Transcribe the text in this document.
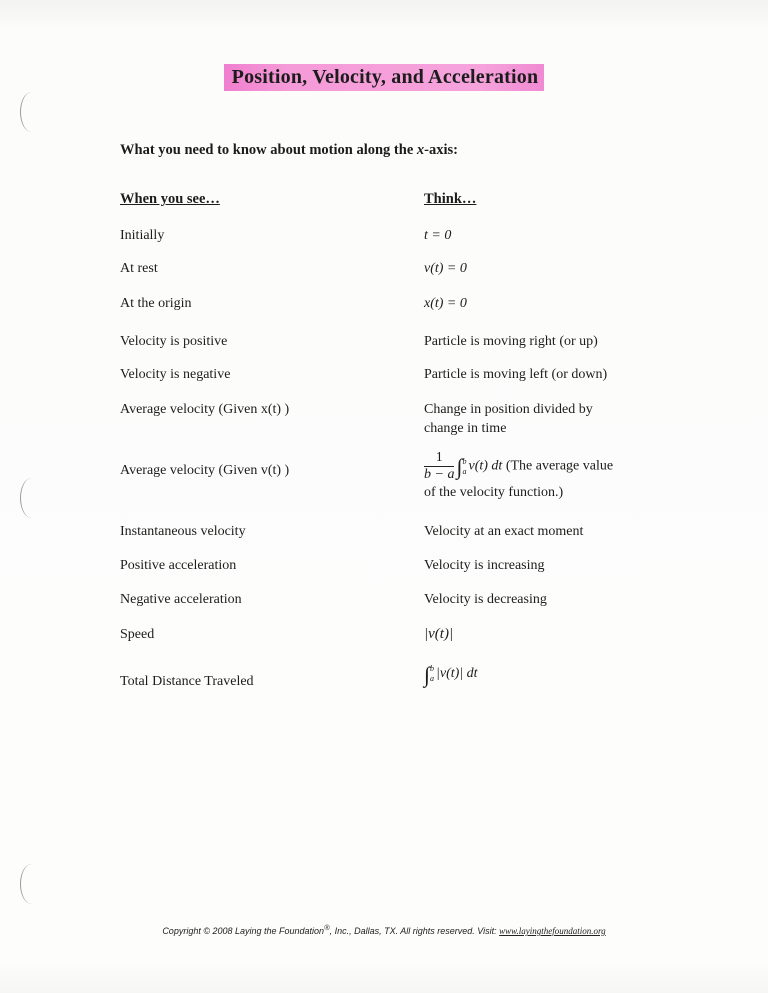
Position, Velocity, and Acceleration
What you need to know about motion along the x-axis:
When you see…	Think…
Initially	t = 0
At rest	v(t) = 0
At the origin	x(t) = 0
Velocity is positive	Particle is moving right (or up)
Velocity is negative	Particle is moving left (or down)
Average velocity (Given x(t) )	Change in position divided by
change in time
Average velocity (Given v(t) )	$\frac{1}{b - a} \int b$
a v(t) dt (The average value
of the velocity function.)
Instantaneous velocity	Velocity at an exact moment
Positive acceleration	Velocity is increasing
Negative acceleration	Velocity is decreasing
Speed	|v(t)|
Total Distance Traveled	∫b
a |v(t)| dt
Copyright © 2008 Laying the Foundation®, Inc., Dallas, TX. All rights reserved. Visit: www.layingthefoundation.org
